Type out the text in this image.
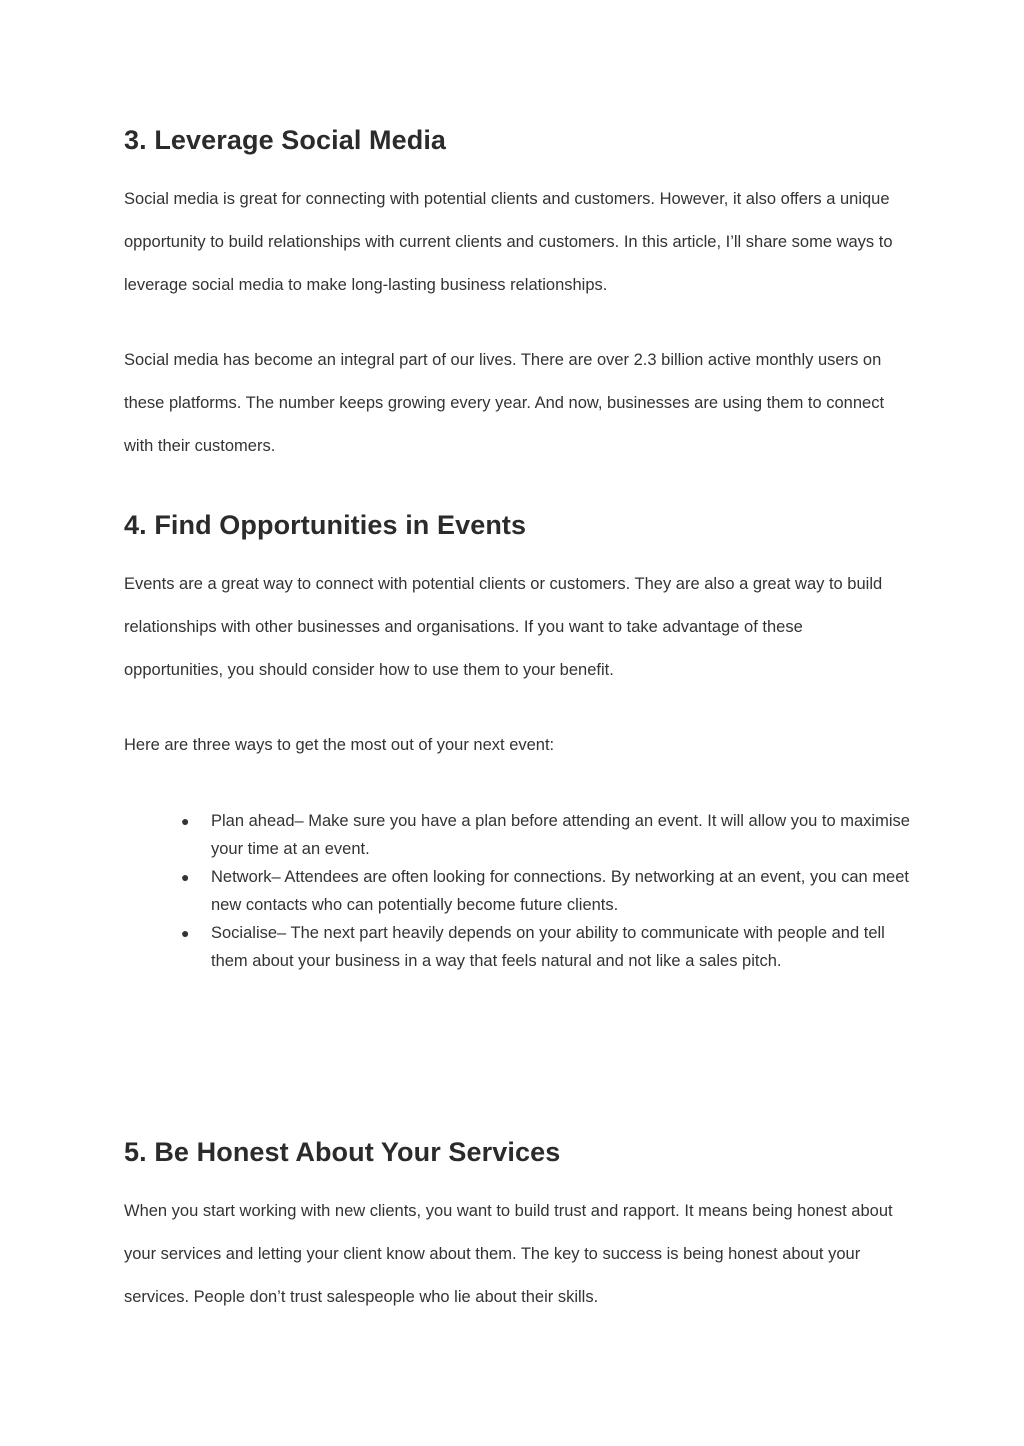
3. Leverage Social Media

Social media is great for connecting with potential clients and customers. However, it also offers a unique opportunity to build relationships with current clients and customers. In this article, I’ll share some ways to leverage social media to make long-lasting business relationships.

Social media has become an integral part of our lives. There are over 2.3 billion active monthly users on these platforms. The number keeps growing every year. And now, businesses are using them to connect with their customers.

4. Find Opportunities in Events

Events are a great way to connect with potential clients or customers. They are also a great way to build relationships with other businesses and organisations. If you want to take advantage of these opportunities, you should consider how to use them to your benefit.

Here are three ways to get the most out of your next event:

● Plan ahead– Make sure you have a plan before attending an event. It will allow you to maximise your time at an event.
● Network– Attendees are often looking for connections. By networking at an event, you can meet new contacts who can potentially become future clients.
● Socialise– The next part heavily depends on your ability to communicate with people and tell them about your business in a way that feels natural and not like a sales pitch.
5. Be Honest About Your Services

When you start working with new clients, you want to build trust and rapport. It means being honest about your services and letting your client know about them. The key to success is being honest about your services. People don’t trust salespeople who lie about their skills.
